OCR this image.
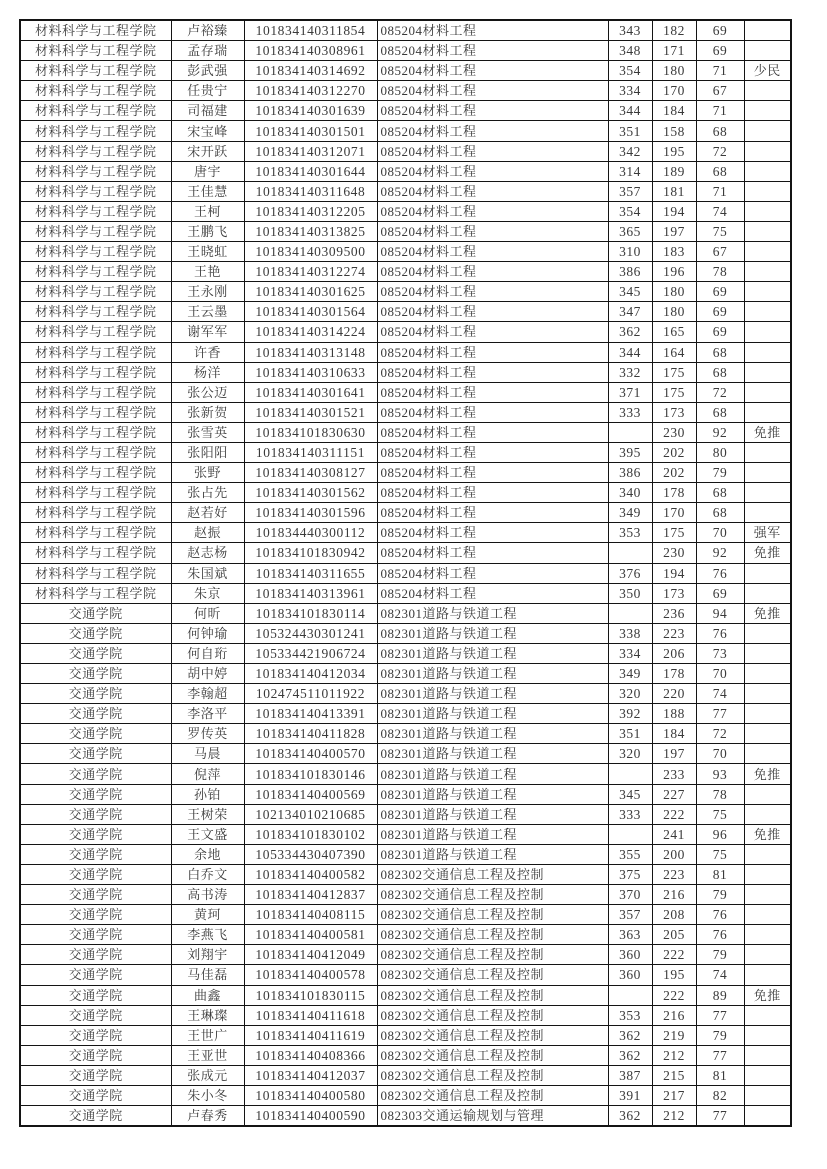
材料科学与工程学院	卢裕臻	101834140311854	085204材料工程	343	182	69	
材料科学与工程学院	孟存瑞	101834140308961	085204材料工程	348	171	69	
材料科学与工程学院	彭武强	101834140314692	085204材料工程	354	180	71	少民
材料科学与工程学院	任贵宁	101834140312270	085204材料工程	334	170	67	
材料科学与工程学院	司福建	101834140301639	085204材料工程	344	184	71	
材料科学与工程学院	宋宝峰	101834140301501	085204材料工程	351	158	68	
材料科学与工程学院	宋开跃	101834140312071	085204材料工程	342	195	72	
材料科学与工程学院	唐宇	101834140301644	085204材料工程	314	189	68	
材料科学与工程学院	王佳慧	101834140311648	085204材料工程	357	181	71	
材料科学与工程学院	王柯	101834140312205	085204材料工程	354	194	74	
材料科学与工程学院	王鹏飞	101834140313825	085204材料工程	365	197	75	
材料科学与工程学院	王晓虹	101834140309500	085204材料工程	310	183	67	
材料科学与工程学院	王艳	101834140312274	085204材料工程	386	196	78	
材料科学与工程学院	王永刚	101834140301625	085204材料工程	345	180	69	
材料科学与工程学院	王云墨	101834140301564	085204材料工程	347	180	69	
材料科学与工程学院	谢军军	101834140314224	085204材料工程	362	165	69	
材料科学与工程学院	许香	101834140313148	085204材料工程	344	164	68	
材料科学与工程学院	杨洋	101834140310633	085204材料工程	332	175	68	
材料科学与工程学院	张公迈	101834140301641	085204材料工程	371	175	72	
材料科学与工程学院	张新贺	101834140301521	085204材料工程	333	173	68	
材料科学与工程学院	张雪英	101834101830630	085204材料工程		230	92	免推
材料科学与工程学院	张阳阳	101834140311151	085204材料工程	395	202	80	
材料科学与工程学院	张野	101834140308127	085204材料工程	386	202	79	
材料科学与工程学院	张占先	101834140301562	085204材料工程	340	178	68	
材料科学与工程学院	赵若好	101834140301596	085204材料工程	349	170	68	
材料科学与工程学院	赵振	101834440300112	085204材料工程	353	175	70	强军
材料科学与工程学院	赵志杨	101834101830942	085204材料工程		230	92	免推
材料科学与工程学院	朱国斌	101834140311655	085204材料工程	376	194	76	
材料科学与工程学院	朱京	101834140313961	085204材料工程	350	173	69	
交通学院	何昕	101834101830114	082301道路与铁道工程		236	94	免推
交通学院	何钟瑜	105324430301241	082301道路与铁道工程	338	223	76	
交通学院	何自珩	105334421906724	082301道路与铁道工程	334	206	73	
交通学院	胡中婷	101834140412034	082301道路与铁道工程	349	178	70	
交通学院	李翰超	102474511011922	082301道路与铁道工程	320	220	74	
交通学院	李洛平	101834140413391	082301道路与铁道工程	392	188	77	
交通学院	罗传英	101834140411828	082301道路与铁道工程	351	184	72	
交通学院	马晨	101834140400570	082301道路与铁道工程	320	197	70	
交通学院	倪萍	101834101830146	082301道路与铁道工程		233	93	免推
交通学院	孙铂	101834140400569	082301道路与铁道工程	345	227	78	
交通学院	王树荣	102134010210685	082301道路与铁道工程	333	222	75	
交通学院	王文盛	101834101830102	082301道路与铁道工程		241	96	免推
交通学院	余地	105334430407390	082301道路与铁道工程	355	200	75	
交通学院	白乔文	101834140400582	082302交通信息工程及控制	375	223	81	
交通学院	高书涛	101834140412837	082302交通信息工程及控制	370	216	79	
交通学院	黄珂	101834140408115	082302交通信息工程及控制	357	208	76	
交通学院	李燕飞	101834140400581	082302交通信息工程及控制	363	205	76	
交通学院	刘翔宇	101834140412049	082302交通信息工程及控制	360	222	79	
交通学院	马佳磊	101834140400578	082302交通信息工程及控制	360	195	74	
交通学院	曲鑫	101834101830115	082302交通信息工程及控制		222	89	免推
交通学院	王琳璨	101834140411618	082302交通信息工程及控制	353	216	77	
交通学院	王世广	101834140411619	082302交通信息工程及控制	362	219	79	
交通学院	王亚世	101834140408366	082302交通信息工程及控制	362	212	77	
交通学院	张成元	101834140412037	082302交通信息工程及控制	387	215	81	
交通学院	朱小冬	101834140400580	082302交通信息工程及控制	391	217	82	
交通学院	卢春秀	101834140400590	082303交通运输规划与管理	362	212	77	
